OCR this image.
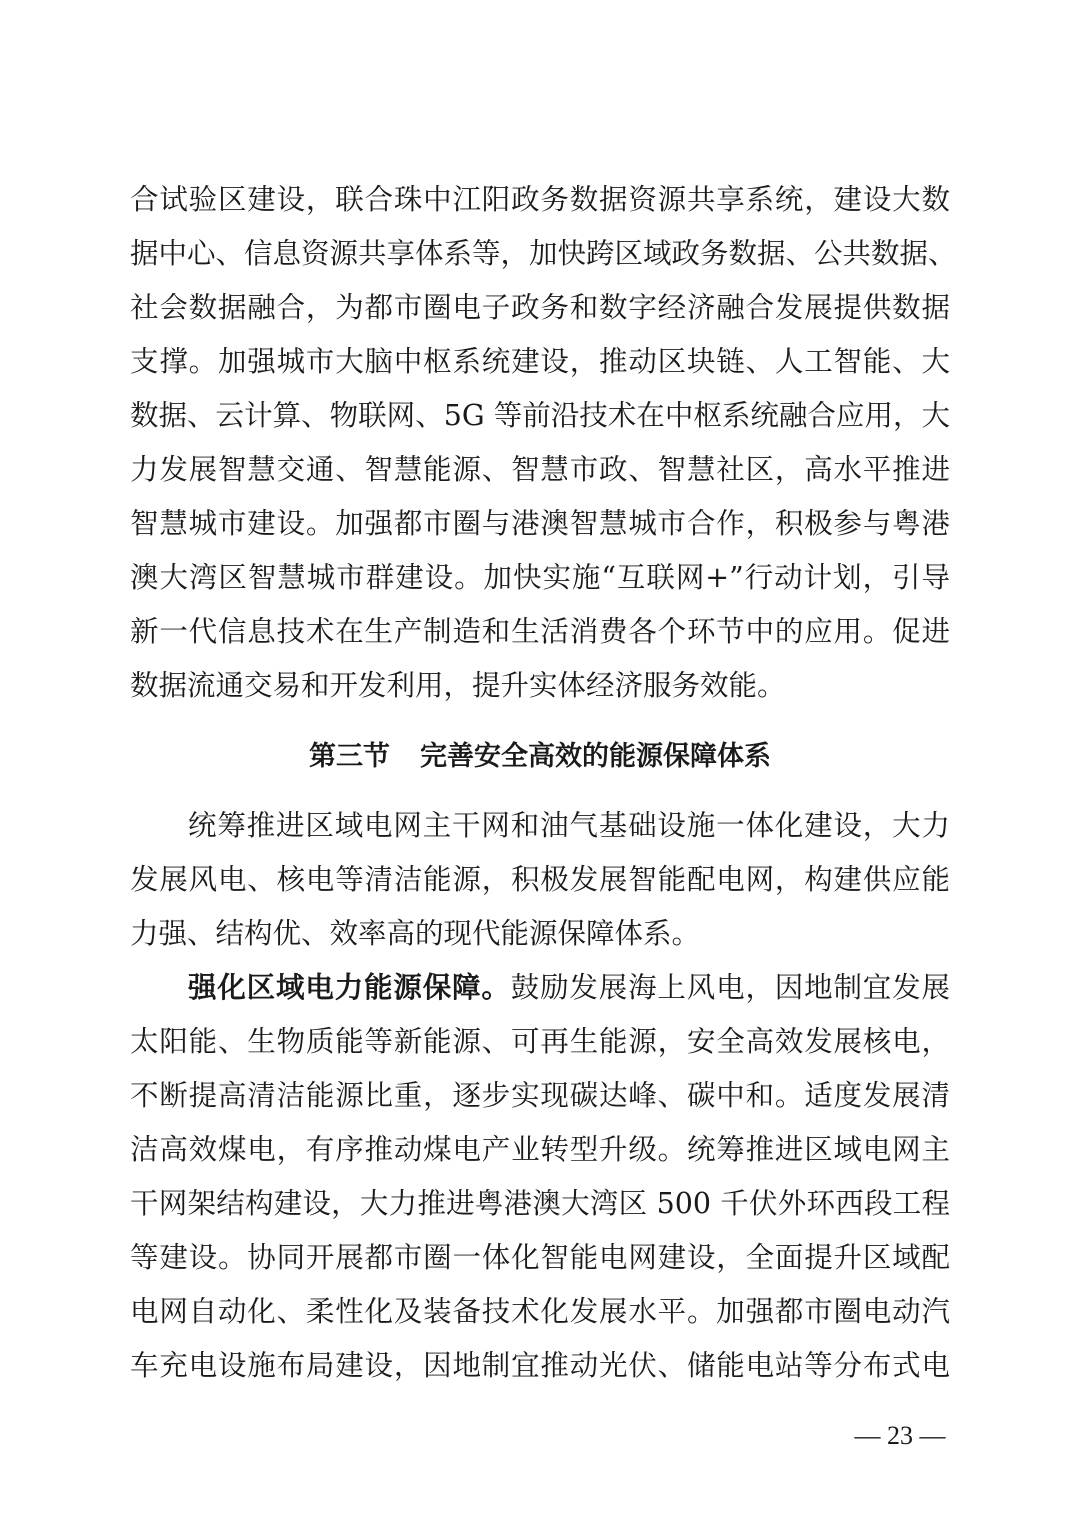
合试验区建设，联合珠中江阳政务数据资源共享系统，建设大数
据中心、信息资源共享体系等，加快跨区域政务数据、公共数据、
社会数据融合，为都市圈电子政务和数字经济融合发展提供数据
支撑。加强城市大脑中枢系统建设，推动区块链、人工智能、大
数据、云计算、物联网、5G 等前沿技术在中枢系统融合应用，大
力发展智慧交通、智慧能源、智慧市政、智慧社区，高水平推进
智慧城市建设。加强都市圈与港澳智慧城市合作，积极参与粤港
澳大湾区智慧城市群建设。加快实施“互联网+”行动计划，引导
新一代信息技术在生产制造和生活消费各个环节中的应用。促进
数据流通交易和开发利用，提升实体经济服务效能。
第三节 完善安全高效的能源保障体系
统筹推进区域电网主干网和油气基础设施一体化建设，大力
发展风电、核电等清洁能源，积极发展智能配电网，构建供应能
力强、结构优、效率高的现代能源保障体系。
强化区域电力能源保障。鼓励发展海上风电，因地制宜发展
太阳能、生物质能等新能源、可再生能源，安全高效发展核电，
不断提高清洁能源比重，逐步实现碳达峰、碳中和。适度发展清
洁高效煤电，有序推动煤电产业转型升级。统筹推进区域电网主
干网架结构建设，大力推进粤港澳大湾区 500 千伏外环西段工程
等建设。协同开展都市圈一体化智能电网建设，全面提升区域配
电网自动化、柔性化及装备技术化发展水平。加强都市圈电动汽
车充电设施布局建设，因地制宜推动光伏、储能电站等分布式电
— 23 —
